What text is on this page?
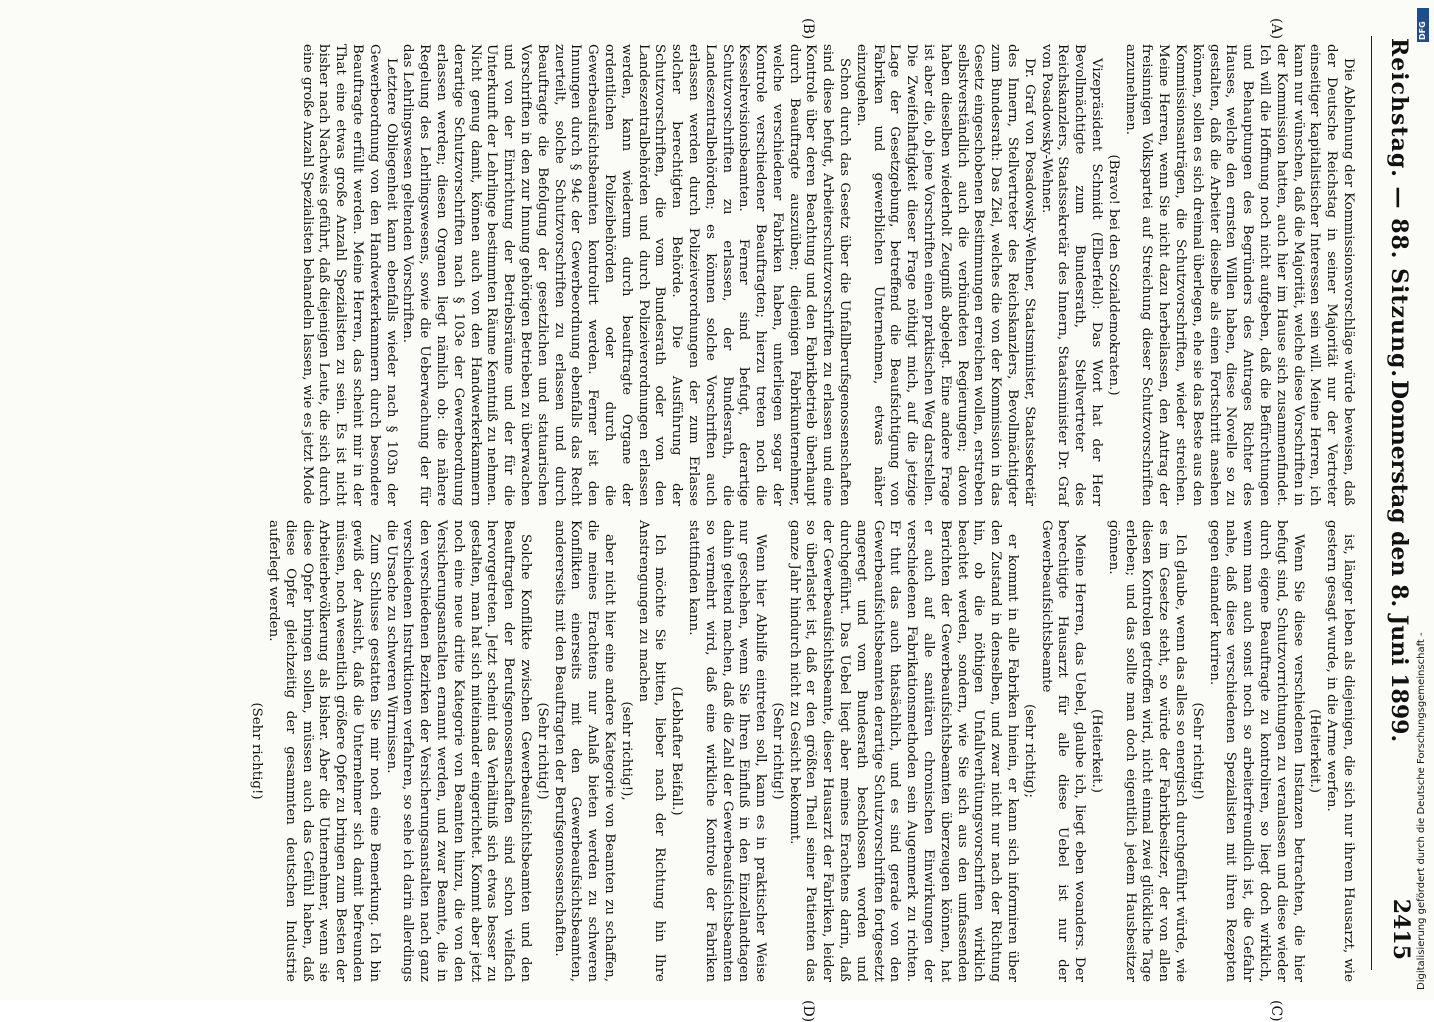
Reichstag. — 88. Sitzung.
Donnerstag den 8. Juni 1899.
2415
(A)
(B)
(C)
(D)

Die Ablehnung der Kommissionsvorschläge würde beweisen, daß der Deutsche Reichstag in seiner Majorität nur der Vertreter einseitiger kapitalistischer Interessen sein will. Meine Herren, ich kann nur wünschen, daß die Majorität, welche diese Vorschriften in der Kommission hatten, auch hier im Hause sich zusammenfindet. Ich will die Hoffnung noch nicht aufgeben, daß die Befürchtungen und Behauptungen des Begründers des Antrages Richter des Hauses, welche den ernsten Willen haben, diese Novelle so zu gestalten, daß die Arbeiter dieselbe als einen Fortschritt ansehen können, sollen es sich dreimal überlegen, ehe sie das Beste aus den Kommissionsanträgen, die Schutzvorschriften, wieder streichen. Meine Herren, wenn Sie nicht dazu herbeilassen, den Antrag der freisinnigen Volkspartei auf Streichung dieser Schutzvorschriften anzunehmen.

(Bravo! bei den Sozialdemokraten.)

Vizepräsident Schmidt (Elberfeld): Das Wort hat der Herr Bevollmächtigte zum Bundesrath, Stellvertreter des Reichskanzlers, Staatssekretär des Innern, Staatsminister Dr. Graf von Posadowsky-Wehner.

Dr. Graf von Posadowsky-Wehner, Staatsminister, Staatssekretär des Innern, Stellvertreter des Reichskanzlers, Bevollmächtigter zum Bundesrath: Das Ziel, welches die von der Kommission in das Gesetz eingeschobenen Bestimmungen erreichen wollen, erstreben selbstverständlich auch die verbündeten Regierungen; davon haben dieselben wiederholt Zeugniß abgelegt. Eine andere Frage ist aber die, ob jene Vorschriften einen praktischen Weg darstellen. Die Zweifelhaftigkeit dieser Frage nöthigt mich, auf die jetzige Lage der Gesetzgebung, betreffend die Beaufsichtigung von Fabriken und gewerblichen Unternehmen, etwas näher einzugehen.

Schon durch das Gesetz über die Unfallberufsgenossenschaften sind diese befugt, Arbeiterschutzvorschriften zu erlassen und eine Kontrole über deren Beachtung und den Fabrikbetrieb überhaupt durch Beauftragte auszuüben; diejenigen Fabrikunternehmer, welche verschiedener Fabriken haben, unterliegen sogar der Kontrole verschiedener Beauftragten; hierzu treten noch die Kesselrevisionsbeamten. Ferner sind befugt, derartige Schutzvorschriften zu erlassen, der Bundesrath, die Landeszentralbehörden; es können solche Vorschriften auch erlassen werden durch Polizeiverordnungen der zum Erlasse solcher berechtigten Behörde. Die Ausführung der Schutzvorschriften, die vom Bundesrath oder von den Landeszentralbehörden und durch Polizeiverordnungen erlassen werden, kann wiederum durch beauftragte Organe der ordentlichen Polizeibehörden oder durch die Gewerbeaufsichtsbeamten kontrolirt werden. Ferner ist den Innungen durch § 94c der Gewerbeordnung ebenfalls das Recht zuerteilt, solche Schutzvorschriften zu erlassen und durch Beauftragte die Befolgung der gesetzlichen und statuarischen Vorschriften in den zur Innung gehörigen Betrieben zu überwachen und von der Einrichtung der Betriebsräume und der für die Unterkunft der Lehrlinge bestimmten Räume Kenntniß zu nehmen. Nicht genug damit, können auch von den Handwerkerkammern derartige Schutzvorschriften nach § 103e der Gewerbeordnung erlassen werden; diesen Organen liegt nämlich ob: die nähere Regelung des Lehrlingswesens, sowie die Ueberwachung der für das Lehrlingswesen geltenden Vorschriften.

Letztere Obliegenheit kann ebenfalls wieder nach § 103n der Gewerbeordnung von den Handwerkerkammern durch besondere Beauftragte erfüllt werden. Meine Herren, das scheint mir in der That eine etwas große Anzahl Spezialisten zu sein. Es ist nicht bisher nach Nachweis geführt, daß diejenigen Leute, die sich durch eine große Anzahl Spezialisten behandeln lassen, wie es jetzt Mode

ist, länger leben als diejenigen, die sich nur ihrem Hausarzt, wie gestern gesagt wurde, in die Arme werfen.

(Heiterkeit.)

Wenn Sie diese verschiedenen Instanzen betrachten, die hier befugt sind, Schutzvorrichtungen zu veranlassen und diese wieder durch eigene Beauftragte zu kontroliren, so liegt doch wirklich, wenn man auch sonst noch so arbeiterfreundlich ist, die Gefahr nahe, daß diese verschiedenen Spezialisten mit ihren Rezepten gegen einander kuriren.

(Sehr richtig!)

Ich glaube, wenn das alles so energisch durchgeführt würde, wie es im Gesetze steht, so würde der Fabrikbesitzer, der von allen diesen Kontrolen getroffen wird, nicht einmal zwei glückliche Tage erleben; und das sollte man doch eigentlich jedem Hausbesitzer gönnen.

(Heiterkeit.)

Meine Herren, das Uebel, glaube ich, liegt eben woanders. Der berechtigte Hausarzt für alle diese Uebel ist nur der Gewerbeaufsichtsbeamte

(sehr richtig);

er kommt in alle Fabriken hinein, er kann sich informiren über den Zustand in denselben, und zwar nicht nur nach der Richtung hin, ob die nöthigen Unfallverhütungsvorschriften wirklich beachtet werden, sondern, wie Sie sich aus den umfassenden Berichten der Gewerbeaufsichtsbeamten überzeugen können, hat er auch auf alle sanitären chronischen Einwirkungen der verschiedenen Fabrikationsmethoden sein Augenmerk zu richten. Er thut das auch thatsächlich, und es sind gerade von den Gewerbeaufsichtsbeamten derartige Schutzvorschriften fortgesetzt angeregt und vom Bundesrath beschlossen worden und durchgeführt. Das Uebel liegt aber meines Erachtens darin, daß der Gewerbeaufsichtsbeamte, dieser Hausarzt der Fabriken, leider so überlastet ist, daß er den größten Theil seiner Patienten das ganze Jahr hindurch nicht zu Gesicht bekommt.

(Sehr richtig!)

Wenn hier Abhilfe eintreten soll, kann es in praktischer Weise nur geschehen, wenn Sie Ihren Einfluß in den Einzellandtagen dahin geltend machen, daß die Zahl der Gewerbeaufsichtsbeamten so vermehrt wird, daß eine wirkliche Kontrole der Fabriken stattfinden kann.

(Lebhafter Beifall.)

Ich möchte Sie bitten, lieber nach der Richtung hin Ihre Anstrengungen zu machen

(sehr richtig!),

aber nicht hier eine andere Kategorie von Beamten zu schaffen, die meines Erachtens nur Anlaß bieten werden zu schweren Konflikten einerseits mit den Gewerbeaufsichtsbeamten, andererseits mit den Beauftragten der Berufsgenossenschaften.

(Sehr richtig!)

Solche Konflikte zwischen Gewerbeaufsichtsbeamten und den Beauftragten der Berufsgenossenschaften sind schon vielfach hervorgetreten. Jetzt scheint das Verhältniß sich etwas besser zu gestalten, man hat sich miteinander eingerichtet. Kommt aber jetzt noch eine neue dritte Kategorie von Beamten hinzu, die von den Versicherungsanstalten ernannt werden, und zwar Beamte, die in den verschiedenen Bezirken der Versicherungsanstalten nach ganz verschiedenen Instruktionen verfahren, so sehe ich darin allerdings die Ursache zu schweren Wirrnissen.

Zum Schlusse gestatten Sie mir noch eine Bemerkung. Ich bin gewiß der Ansicht, daß die Unternehmer sich damit befreunden müssen, noch wesentlich größere Opfer zu bringen zum Besten der Arbeiterbevölkerung als bisher. Aber die Unternehmer, wenn sie diese Opfer bringen sollen, müssen auch das Gefühl haben, daß diese Opfer gleichzeitig der gesammten deutschen Industrie auferlegt werden.

(Sehr richtig!)

DFG
Digitalisierung gefördert durch die Deutsche Forschungsgemeinschaft -
